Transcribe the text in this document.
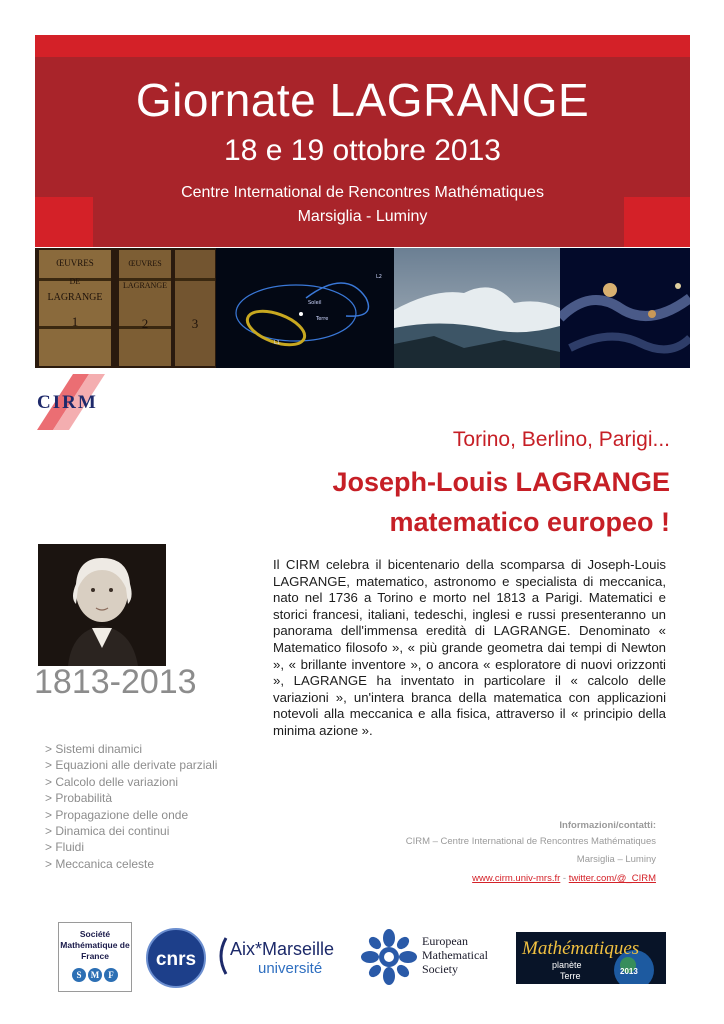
Giornate LAGRANGE
18 e 19 ottobre 2013
Centre International de Rencontres Mathématiques
Marsiglia - Luminy
ŒUVRES
DE
LAGRANGE
1
ŒUVRES
LAGRANGE
2	3
Soleil
Terre
L1
L2
CIRM
Torino, Berlino, Parigi...
Joseph-Louis LAGRANGE
matematico europeo !
1813-2013
> Sistemi dinamici
> Equazioni alle derivate parziali
> Calcolo delle variazioni
> Probabilità
> Propagazione delle onde
> Dinamica dei continui
> Fluidi
> Meccanica celeste

Il CIRM celebra il bicentenario della scomparsa di Joseph-Louis LAGRANGE, matematico, astronomo e specialista di meccanica, nato nel 1736 a Torino e morto nel 1813 a Parigi. Matematici e storici francesi, italiani, tedeschi, inglesi e russi presenteranno un panorama dell'immensa eredità di LAGRANGE. Denominato « Matematico filosofo », « più grande geometra dai tempi di Newton », « brillante inventore », o ancora « esploratore di nuovi orizzonti », LAGRANGE ha inventato in particolare il « calcolo delle variazioni », un'intera branca della matematica con applicazioni notevoli alla meccanica e alla fisica, attraverso il « principio della minima azione ».

Informazioni/contatti:
CIRM – Centre International de Rencontres Mathématiques
Marsiglia – Luminy
www.cirm.univ-mrs.fr - twitter.com/@_CIRM
Société Mathématique de France
S M F
cnrs Aix*Marseille
université
European
Mathematical
Society
Mathématiques
planète
Terre	2013
